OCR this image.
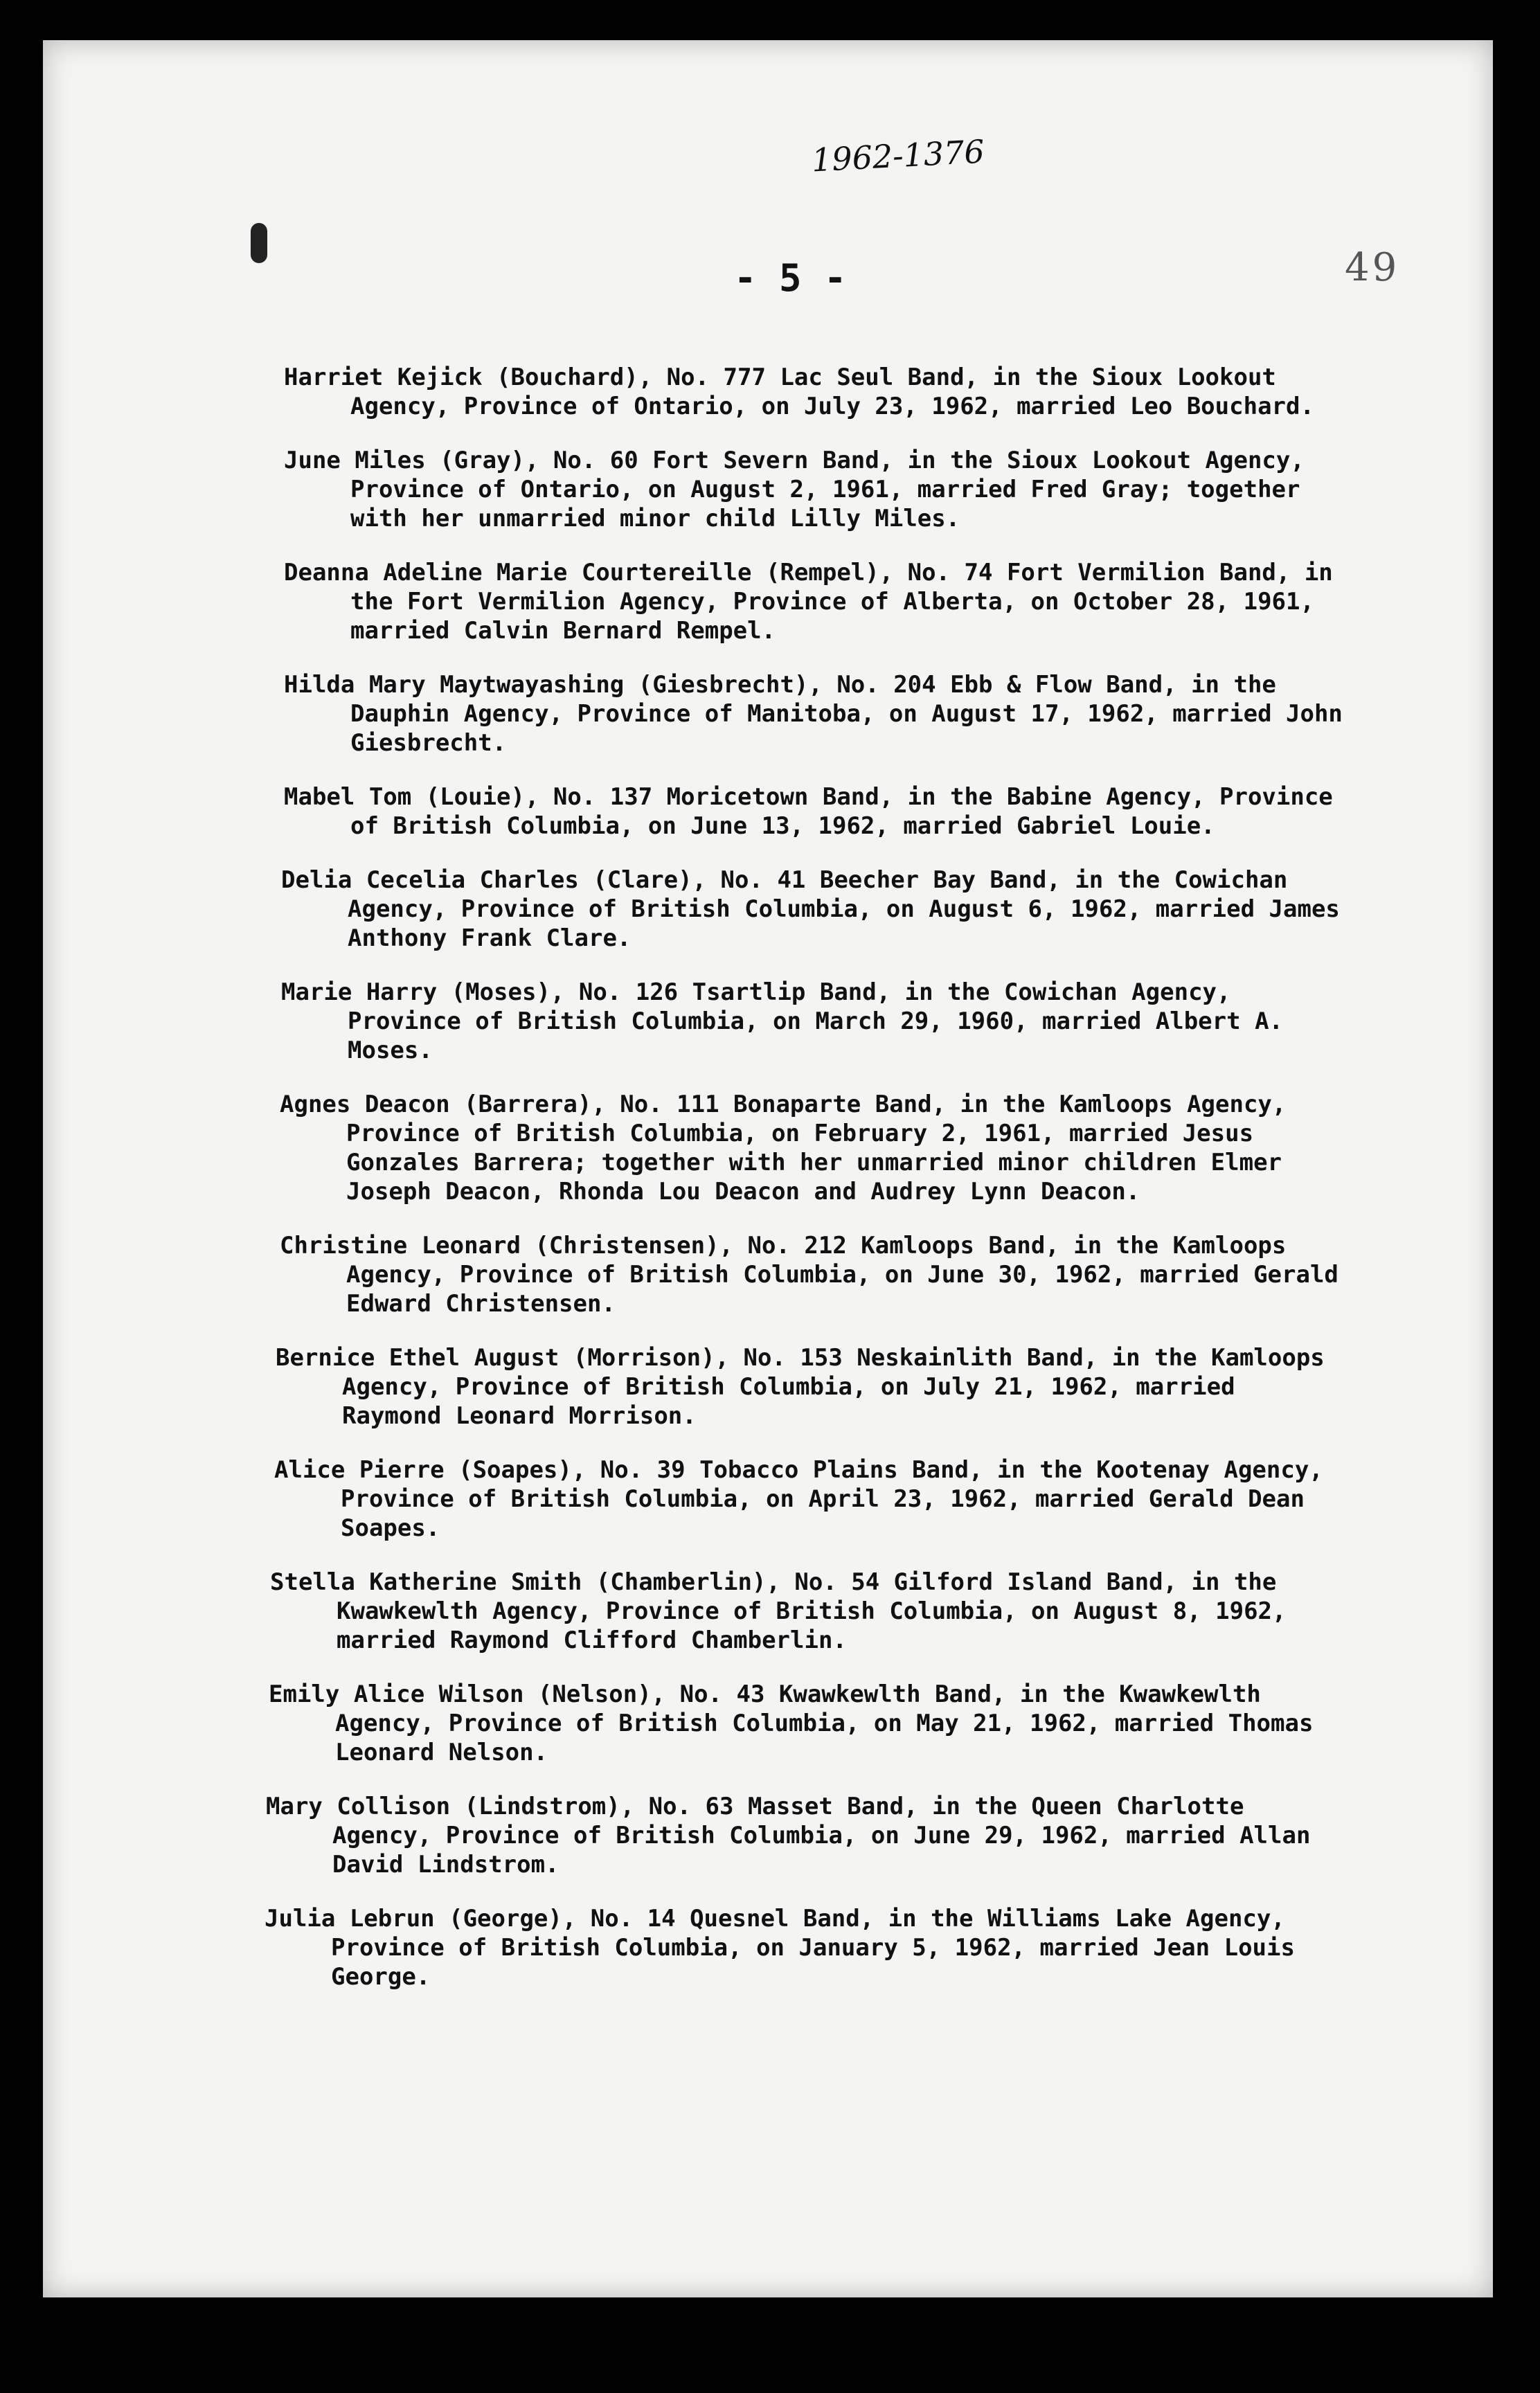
1962-1376
49
- 5 -

Harriet Kejick (Bouchard), No. 777 Lac Seul Band, in the Sioux Lookout Agency, Province of Ontario, on July 23, 1962, married Leo Bouchard.

June Miles (Gray), No. 60 Fort Severn Band, in the Sioux Lookout Agency, Province of Ontario, on August 2, 1961, married Fred Gray; together with her unmarried minor child Lilly Miles.

Deanna Adeline Marie Courtereille (Rempel), No. 74 Fort Vermilion Band, in the Fort Vermilion Agency, Province of Alberta, on October 28, 1961, married Calvin Bernard Rempel.

Hilda Mary Maytwayashing (Giesbrecht), No. 204 Ebb & Flow Band, in the Dauphin Agency, Province of Manitoba, on August 17, 1962, married John Giesbrecht.

Mabel Tom (Louie), No. 137 Moricetown Band, in the Babine Agency, Province of British Columbia, on June 13, 1962, married Gabriel Louie.

Delia Cecelia Charles (Clare), No. 41 Beecher Bay Band, in the Cowichan Agency, Province of British Columbia, on August 6, 1962, married James Anthony Frank Clare.

Marie Harry (Moses), No. 126 Tsartlip Band, in the Cowichan Agency, Province of British Columbia, on March 29, 1960, married Albert A. Moses.

Agnes Deacon (Barrera), No. 111 Bonaparte Band, in the Kamloops Agency, Province of British Columbia, on February 2, 1961, married Jesus Gonzales Barrera; together with her unmarried minor children Elmer Joseph Deacon, Rhonda Lou Deacon and Audrey Lynn Deacon.

Christine Leonard (Christensen), No. 212 Kamloops Band, in the Kamloops Agency, Province of British Columbia, on June 30, 1962, married Gerald Edward Christensen.

Bernice Ethel August (Morrison), No. 153 Neskainlith Band, in the Kamloops Agency, Province of British Columbia, on July 21, 1962, married Raymond Leonard Morrison.

Alice Pierre (Soapes), No. 39 Tobacco Plains Band, in the Kootenay Agency, Province of British Columbia, on April 23, 1962, married Gerald Dean Soapes.

Stella Katherine Smith (Chamberlin), No. 54 Gilford Island Band, in the Kwawkewlth Agency, Province of British Columbia, on August 8, 1962, married Raymond Clifford Chamberlin.

Emily Alice Wilson (Nelson), No. 43 Kwawkewlth Band, in the Kwawkewlth Agency, Province of British Columbia, on May 21, 1962, married Thomas Leonard Nelson.

Mary Collison (Lindstrom), No. 63 Masset Band, in the Queen Charlotte Agency, Province of British Columbia, on June 29, 1962, married Allan David Lindstrom.

Julia Lebrun (George), No. 14 Quesnel Band, in the Williams Lake Agency, Province of British Columbia, on January 5, 1962, married Jean Louis George.
